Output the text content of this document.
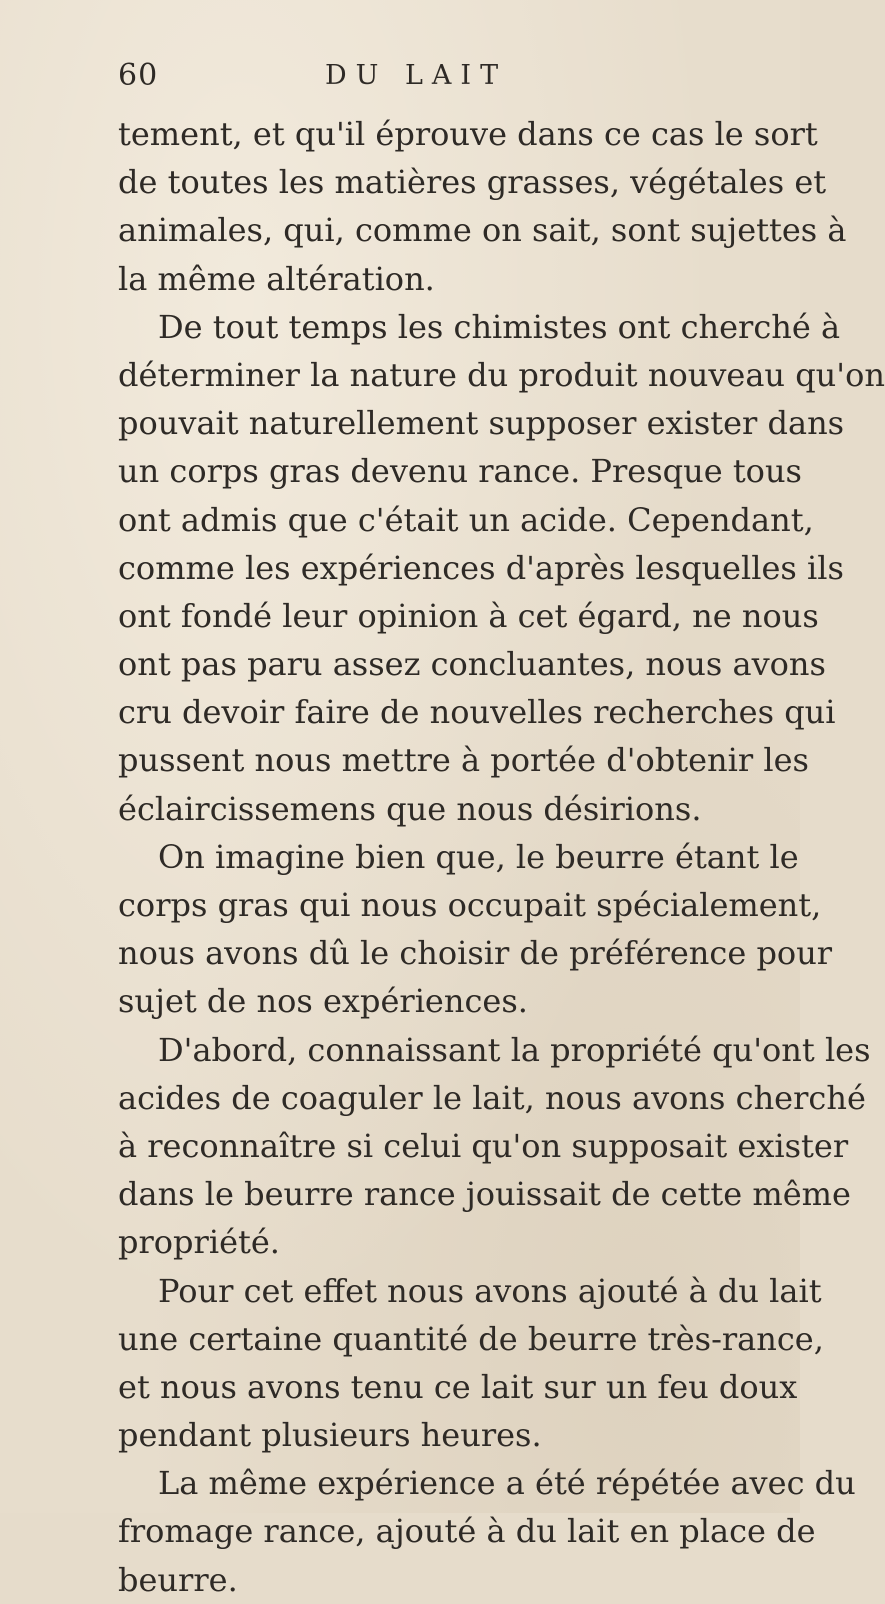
60	DU LAIT
tement, et qu'il éprouve dans ce cas le sort
de toutes les matières grasses, végétales et
animales, qui, comme on sait, sont sujettes à
la même altération.
De tout temps les chimistes ont cherché à
déterminer la nature du produit nouveau qu'on
pouvait naturellement supposer exister dans
un corps gras devenu rance. Presque tous
ont admis que c'était un acide. Cependant,
comme les expériences d'après lesquelles ils
ont fondé leur opinion à cet égard, ne nous
ont pas paru assez concluantes, nous avons
cru devoir faire de nouvelles recherches qui
pussent nous mettre à portée d'obtenir les
éclaircissemens que nous désirions.
On imagine bien que, le beurre étant le
corps gras qui nous occupait spécialement,
nous avons dû le choisir de préférence pour
sujet de nos expériences.
D'abord, connaissant la propriété qu'ont les
acides de coaguler le lait, nous avons cherché
à reconnaître si celui qu'on supposait exister
dans le beurre rance jouissait de cette même
propriété.
Pour cet effet nous avons ajouté à du lait
une certaine quantité de beurre très-rance,
et nous avons tenu ce lait sur un feu doux
pendant plusieurs heures.
La même expérience a été répétée avec du
fromage rance, ajouté à du lait en place de
beurre.
